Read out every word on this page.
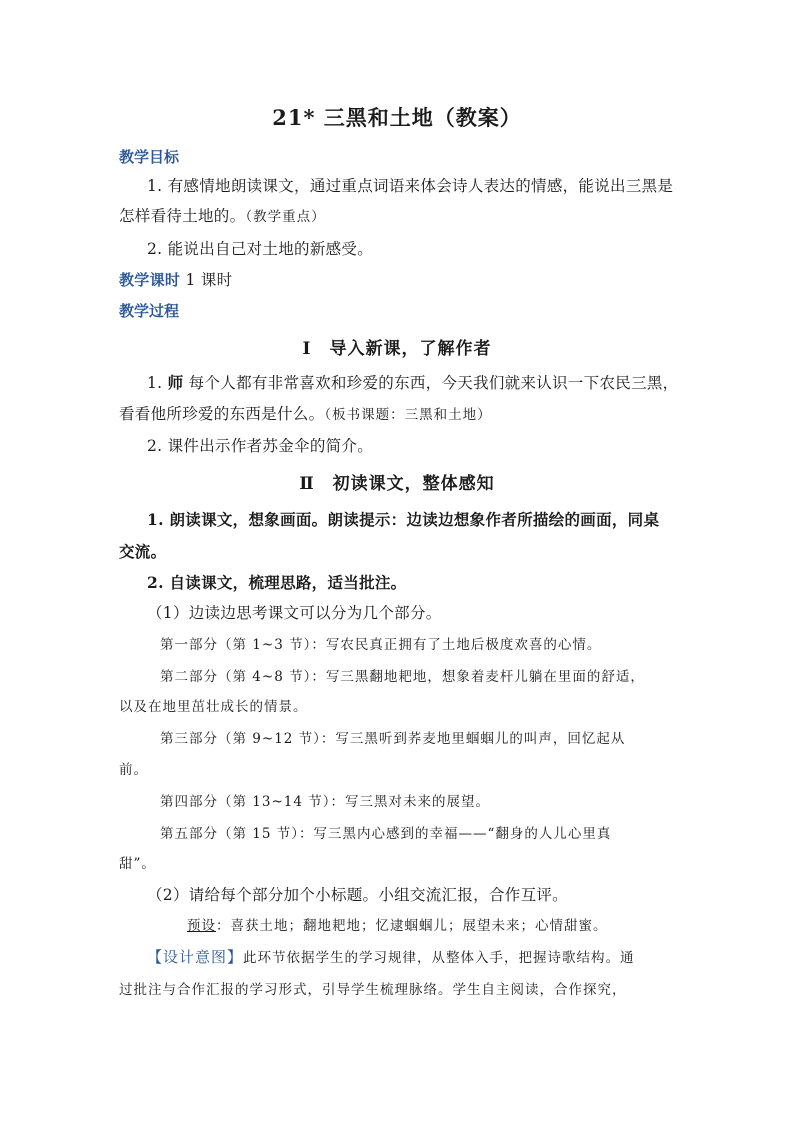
21* 三黑和土地（教案）
教学目标
1. 有感情地朗读课文，通过重点词语来体会诗人表达的情感，能说出三黑是
怎样看待土地的。（教学重点）
2. 能说出自己对土地的新感受。
教学课时 1 课时
教学过程
Ⅰ　导入新课，了解作者
1. 师 每个人都有非常喜欢和珍爱的东西，今天我们就来认识一下农民三黑，
看看他所珍爱的东西是什么。（板书课题：三黑和土地）
2. 课件出示作者苏金伞的简介。
Ⅱ　初读课文，整体感知
1. 朗读课文，想象画面。朗读提示：边读边想象作者所描绘的画面，同桌
交流。
2. 自读课文，梳理思路，适当批注。
（1）边读边思考课文可以分为几个部分。
第一部分（第 1~3 节）：写农民真正拥有了土地后极度欢喜的心情。
第二部分（第 4~8 节）：写三黑翻地耙地，想象着麦杆儿躺在里面的舒适，
以及在地里茁壮成长的情景。
第三部分（第 9~12 节）：写三黑听到荞麦地里蝈蝈儿的叫声，回忆起从
前。
第四部分（第 13~14 节）：写三黑对未来的展望。
第五部分（第 15 节）：写三黑内心感到的幸福——“翻身的人儿心里真
甜”。
（2）请给每个部分加个小标题。小组交流汇报，合作互评。
预设：喜获土地；翻地耙地；忆逮蝈蝈儿；展望未来；心情甜蜜。
【设计意图】此环节依据学生的学习规律，从整体入手，把握诗歌结构。通
过批注与合作汇报的学习形式，引导学生梳理脉络。学生自主阅读，合作探究，
